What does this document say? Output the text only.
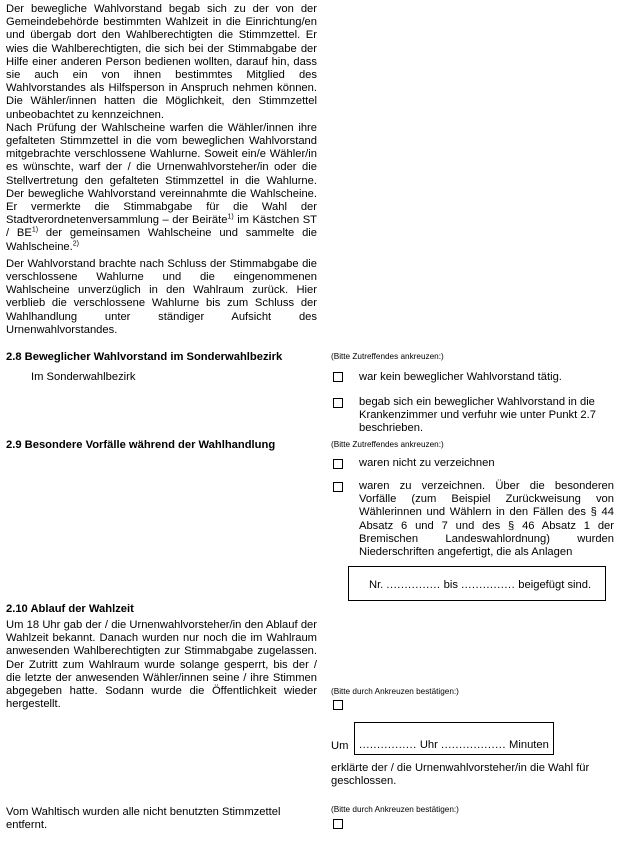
Der bewegliche Wahlvorstand begab sich zu der von der Gemeindebehörde bestimmten Wahlzeit in die Einrichtung/en und übergab dort den Wahlberechtigten die Stimmzettel. Er wies die Wahlberechtigten, die sich bei der Stimmabgabe der Hilfe einer anderen Person bedienen wollten, darauf hin, dass sie auch ein von ihnen bestimmtes Mitglied des Wahlvorstandes als Hilfsperson in Anspruch nehmen können. Die Wähler/innen hatten die Möglichkeit, den Stimmzettel unbeobachtet zu kennzeichnen.

Nach Prüfung der Wahlscheine warfen die Wähler/innen ihre gefalteten Stimmzettel in die vom beweglichen Wahlvorstand mitgebrachte verschlossene Wahlurne. Soweit ein/e Wähler/in es wünschte, warf der / die Urnenwahlvorsteher/in oder die Stellvertretung den gefalteten Stimmzettel in die Wahlurne. Der bewegliche Wahlvorstand vereinnahmte die Wahlscheine. Er vermerkte die Stimmabgabe für die Wahl der Stadtverordnetenversammlung – der Beiräte$^{1)}$ im Kästchen ST / BE$^{1)}$ der gemeinsamen Wahlscheine und sammelte die Wahlscheine.$^{2)}$

Der Wahlvorstand brachte nach Schluss der Stimmabgabe die verschlossene Wahlurne und die eingenommenen Wahlscheine unverzüglich in den Wahlraum zurück. Hier verblieb die verschlossene Wahlurne bis zum Schluss der Wahlhandlung unter ständiger Aufsicht des Urnenwahlvorstandes.

2.8 Beweglicher Wahlvorstand im Sonderwahlbezirk	(Bitte Zutreffendes ankreuzen:)
Im Sonderwahlbezirk	war kein beweglicher Wahlvorstand tätig.
begab sich ein beweglicher Wahlvorstand in die Krankenzimmer und verfuhr wie unter Punkt 2.7 beschrieben.
2.9 Besondere Vorfälle während der Wahlhandlung	(Bitte Zutreffendes ankreuzen:)
waren nicht zu verzeichnen
waren zu verzeichnen. Über die besonderen Vorfälle (zum Beispiel Zurückweisung von Wählerinnen und Wählern in den Fällen des § 44 Absatz 6 und 7 und des § 46 Absatz 1 der Bremischen Landeswahlordnung) wurden Niederschriften angefertigt, die als Anlagen
Nr. ............... bis ............... beigefügt sind.
2.10 Ablauf der Wahlzeit
Um 18 Uhr gab der / die Urnenwahlvorsteher/in den Ablauf der Wahlzeit bekannt. Danach wurden nur noch die im Wahlraum anwesenden Wahlberechtigten zur Stimmabgabe zugelassen. Der Zutritt zum Wahlraum wurde solange gesperrt, bis der / die letzte der anwesenden Wähler/innen seine / ihre Stimmen abgegeben hatte. Sodann wurde die Öffentlichkeit wieder hergestellt.
(Bitte durch Ankreuzen bestätigen:)
Um ................ Uhr .................. Minuten
erklärte der / die Urnenwahlvorsteher/in die Wahl für geschlossen.
Vom Wahltisch wurden alle nicht benutzten Stimmzettel entfernt.
(Bitte durch Ankreuzen bestätigen:)
